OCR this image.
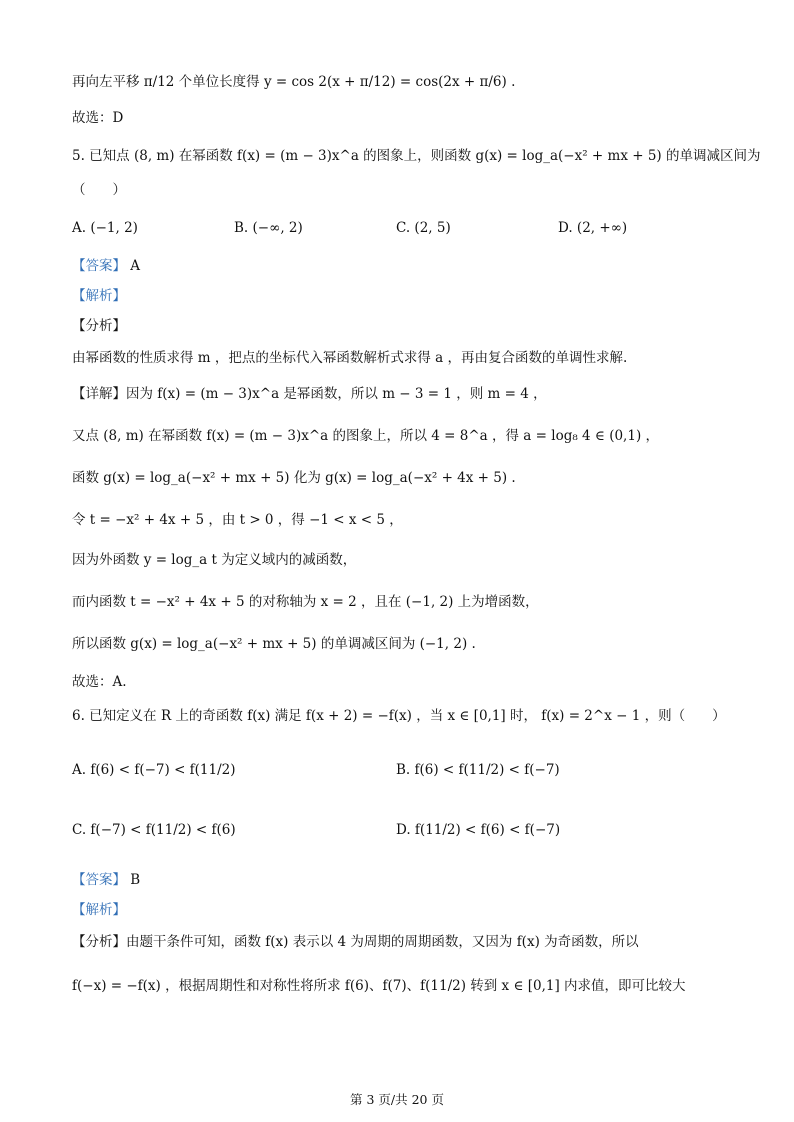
再向左平移 π/12 个单位长度得 y = cos 2(x + π/12) = cos(2x + π/6) .
故选：D
5. 已知点 (8, m) 在幂函数 f(x) = (m − 3)x^a 的图象上，则函数 g(x) = log_a(−x² + mx + 5) 的单调减区间为
（　　）
A. (−1, 2)	B. (−∞, 2)	C. (2, 5)	D. (2, +∞)
【答案】 A
【解析】
【分析】
由幂函数的性质求得 m ，把点的坐标代入幂函数解析式求得 a ，再由复合函数的单调性求解.
【详解】因为 f(x) = (m − 3)x^a 是幂函数，所以 m − 3 = 1 ，则 m = 4 ，
又点 (8, m) 在幂函数 f(x) = (m − 3)x^a 的图象上，所以 4 = 8^a ，得 a = log₈ 4 ∈ (0,1) ，
函数 g(x) = log_a(−x² + mx + 5) 化为 g(x) = log_a(−x² + 4x + 5) .
令 t = −x² + 4x + 5 ，由 t > 0 ，得 −1 < x < 5 ，
因为外函数 y = log_a t 为定义域内的减函数，
而内函数 t = −x² + 4x + 5 的对称轴为 x = 2 ，且在 (−1, 2) 上为增函数，
所以函数 g(x) = log_a(−x² + mx + 5) 的单调减区间为 (−1, 2) .
故选：A.
6. 已知定义在 R 上的奇函数 f(x) 满足 f(x + 2) = −f(x) ，当 x ∈ [0,1] 时， f(x) = 2^x − 1 ，则（　　）
A. f(6) < f(−7) < f(11/2)	B. f(6) < f(11/2) < f(−7)
C. f(−7) < f(11/2) < f(6)	D. f(11/2) < f(6) < f(−7)
【答案】 B
【解析】
【分析】由题干条件可知，函数 f(x) 表示以 4 为周期的周期函数，又因为 f(x) 为奇函数，所以
f(−x) = −f(x) ，根据周期性和对称性将所求 f(6)、f(7)、f(11/2) 转到 x ∈ [0,1] 内求值，即可比较大
第 3 页/共 20 页
